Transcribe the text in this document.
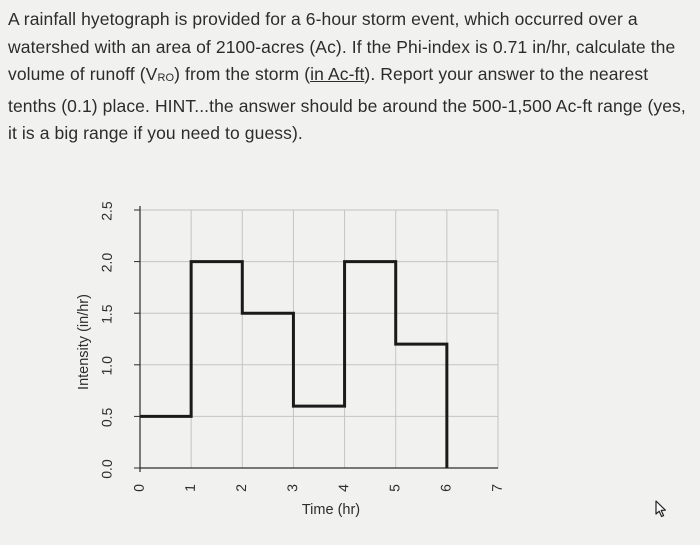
A rainfall hyetograph is provided for a 6-hour storm event, which occurred over a watershed with an area of 2100-acres (Ac). If the Phi-index is 0.71 in/hr, calculate the volume of runoff $(V_{RO})$ from the storm (in Ac-ft). Report your answer to the nearest tenths (0.1) place. HINT...the answer should be around the 500-1,500 Ac-ft range (yes, it is a big range if you need to guess).

0 1 2 3 4 5 6 7
0.0
0.5
1.0
1.5
2.0
2.5
Time (hr)
Intensity (in/hr)
